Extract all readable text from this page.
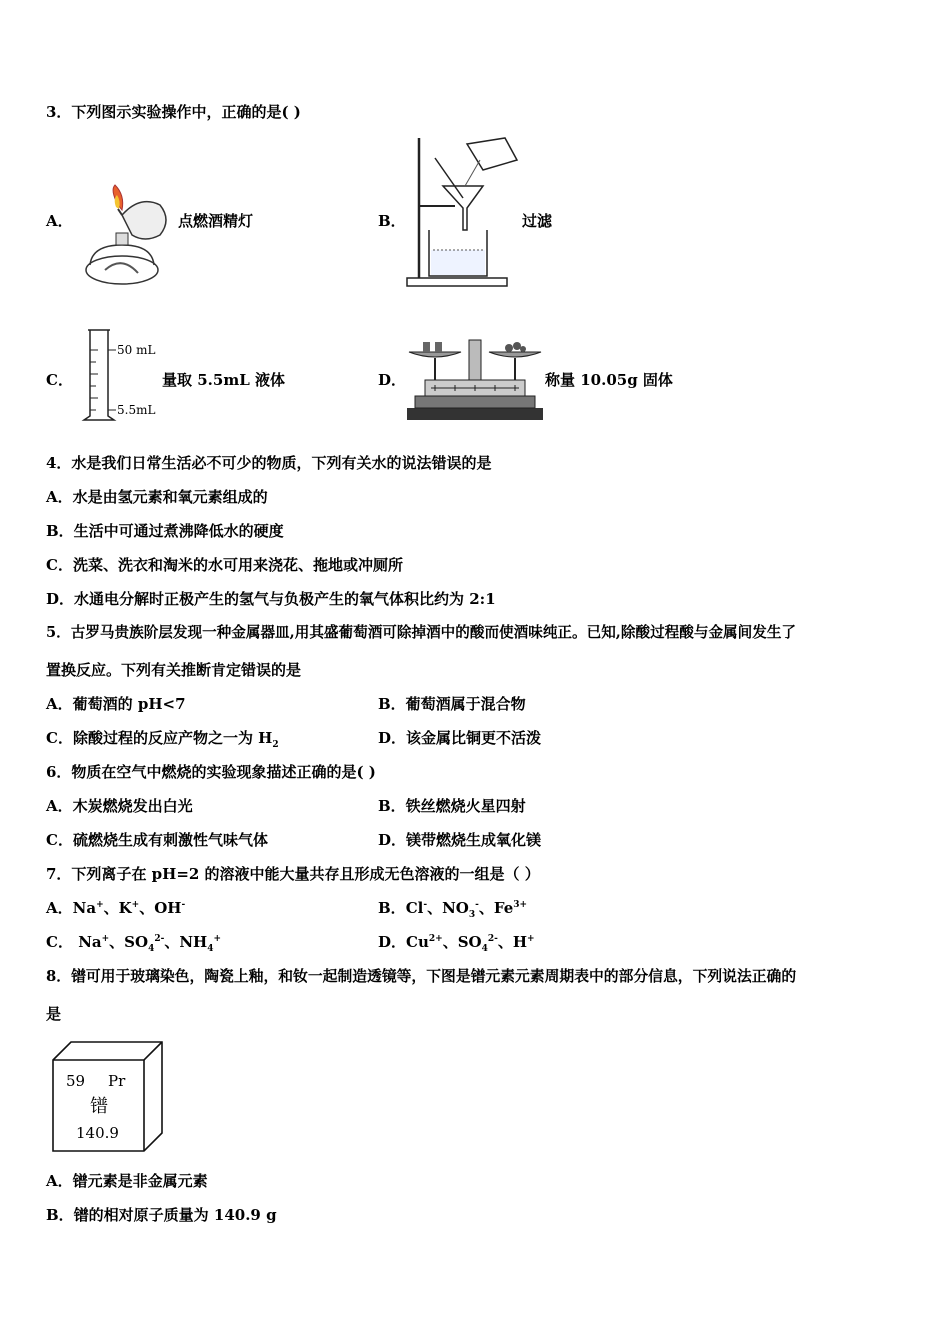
3．下列图示实验操作中，正确的是( )
A．	点燃酒精灯	B．	过滤
C．
50 mL
5.5mL
量取 5.5mL 液体	D．	称量 10.05g 固体
4．水是我们日常生活必不可少的物质，下列有关水的说法错误的是
A．水是由氢元素和氧元素组成的
B．生活中可通过煮沸降低水的硬度
C．洗菜、洗衣和淘米的水可用来浇花、拖地或冲厕所
D．水通电分解时正极产生的氢气与负极产生的氧气体积比约为 2:1
5．古罗马贵族阶层发现一种金属器皿,用其盛葡萄酒可除掉酒中的酸而使酒味纯正。已知,除酸过程酸与金属间发生了
置换反应。下列有关推断肯定错误的是
A．葡萄酒的 pH<7	B．葡萄酒属于混合物
C．除酸过程的反应产物之一为 $H_2$	D．该金属比铜更不活泼
6．物质在空气中燃烧的实验现象描述正确的是( )
A．木炭燃烧发出白光	B．铁丝燃烧火星四射
C．硫燃烧生成有刺激性气味气体	D．镁带燃烧生成氧化镁
7．下列离子在 pH=2 的溶液中能大量共存且形成无色溶液的一组是（ ）
A．Na+、K+、OH-	B．Cl-、$NO_3^-$、$Fe^{3+}$
C． Na+、$SO_4^{2-}$、$NH_4^+$	D．$Cu^{2+}$、$SO_4^{2-}$、H+
8．镨可用于玻璃染色，陶瓷上釉，和钕一起制造透镜等，下图是镨元素元素周期表中的部分信息，下列说法正确的
是
59 Pr
镨
140.9
A．镨元素是非金属元素
B．镨的相对原子质量为 140.9 g
